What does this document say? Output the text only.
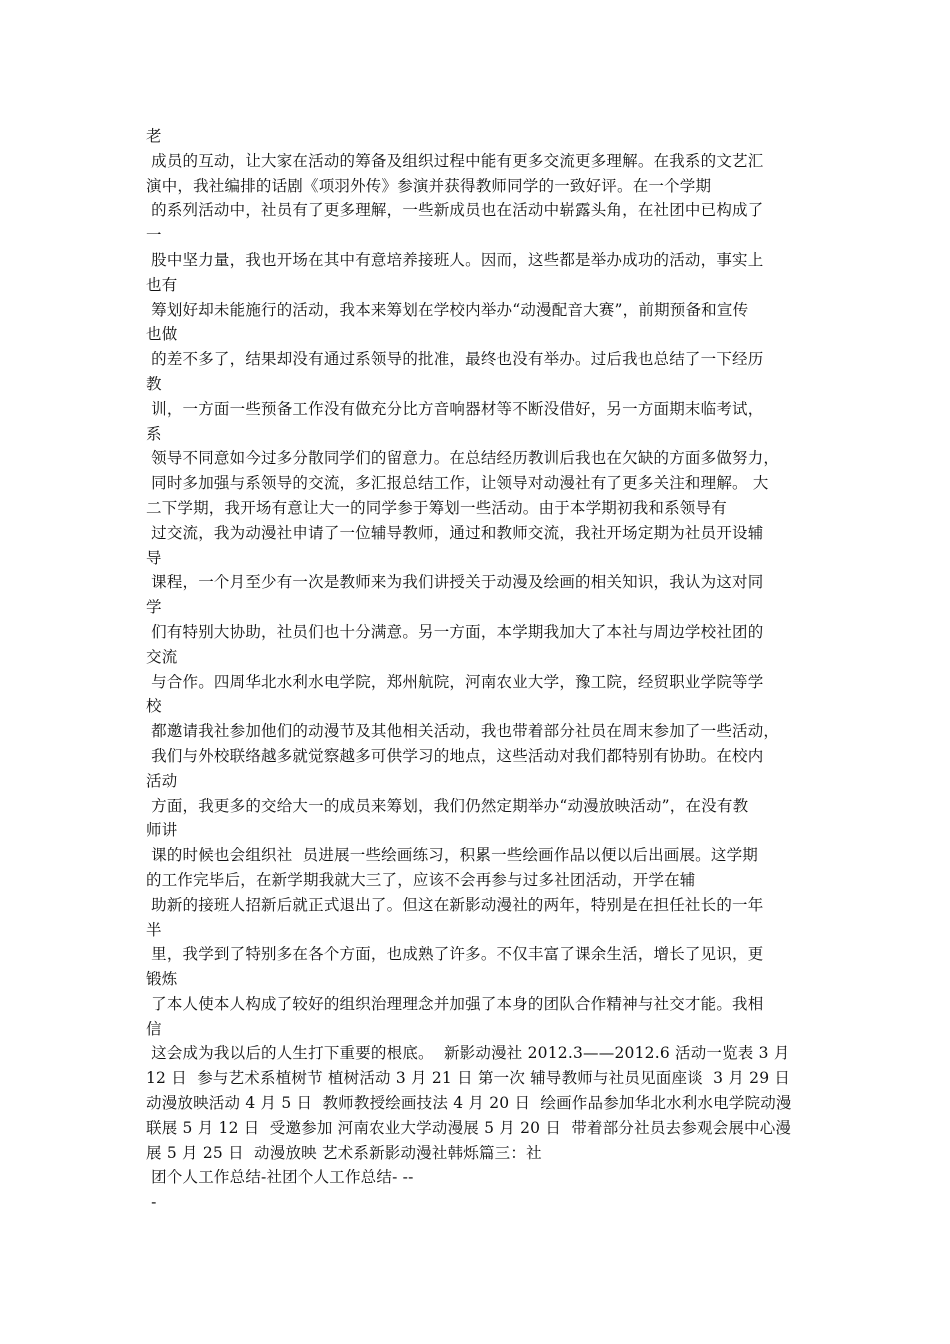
老
成员的互动，让大家在活动的筹备及组织过程中能有更多交流更多理解。在我系的文艺汇
演中，我社编排的话剧《项羽外传》参演并获得教师同学的一致好评。在一个学期
的系列活动中，社员有了更多理解，一些新成员也在活动中崭露头角，在社团中已构成了
一
股中坚力量，我也开场在其中有意培养接班人。因而，这些都是举办成功的活动，事实上
也有
筹划好却未能施行的活动，我本来筹划在学校内举办“动漫配音大赛”，前期预备和宣传
也做
的差不多了，结果却没有通过系领导的批准，最终也没有举办。过后我也总结了一下经历
教
训，一方面一些预备工作没有做充分比方音响器材等不断没借好，另一方面期末临考试，
系
领导不同意如今过多分散同学们的留意力。在总结经历教训后我也在欠缺的方面多做努力，
同时多加强与系领导的交流，多汇报总结工作，让领导对动漫社有了更多关注和理解。 大
二下学期，我开场有意让大一的同学参于筹划一些活动。由于本学期初我和系领导有
过交流，我为动漫社申请了一位辅导教师，通过和教师交流，我社开场定期为社员开设辅
导
课程，一个月至少有一次是教师来为我们讲授关于动漫及绘画的相关知识，我认为这对同
学
们有特别大协助，社员们也十分满意。另一方面，本学期我加大了本社与周边学校社团的
交流
与合作。四周华北水利水电学院，郑州航院，河南农业大学，豫工院，经贸职业学院等学
校
都邀请我社参加他们的动漫节及其他相关活动，我也带着部分社员在周末参加了一些活动，
我们与外校联络越多就觉察越多可供学习的地点，这些活动对我们都特别有协助。在校内
活动
方面，我更多的交给大一的成员来筹划，我们仍然定期举办“动漫放映活动”，在没有教
师讲
课的时候也会组织社  员进展一些绘画练习，积累一些绘画作品以便以后出画展。这学期
的工作完毕后，在新学期我就大三了，应该不会再参与过多社团活动，开学在辅
助新的接班人招新后就正式退出了。但这在新影动漫社的两年，特别是在担任社长的一年
半
里，我学到了特别多在各个方面，也成熟了许多。不仅丰富了课余生活，增长了见识，更
锻炼
了本人使本人构成了较好的组织治理理念并加强了本身的团队合作精神与社交才能。我相
信
这会成为我以后的人生打下重要的根底。  新影动漫社 2012.3——2012.6 活动一览表 3 月
12 日  参与艺术系植树节 植树活动 3 月 21 日 第一次 辅导教师与社员见面座谈  3 月 29 日
动漫放映活动 4 月 5 日  教师教授绘画技法 4 月 20 日  绘画作品参加华北水利水电学院动漫
联展 5 月 12 日  受邀参加 河南农业大学动漫展 5 月 20 日  带着部分社员去参观会展中心漫
展 5 月 25 日  动漫放映 艺术系新影动漫社韩烁篇三：社
团个人工作总结-社团个人工作总结- --
-
